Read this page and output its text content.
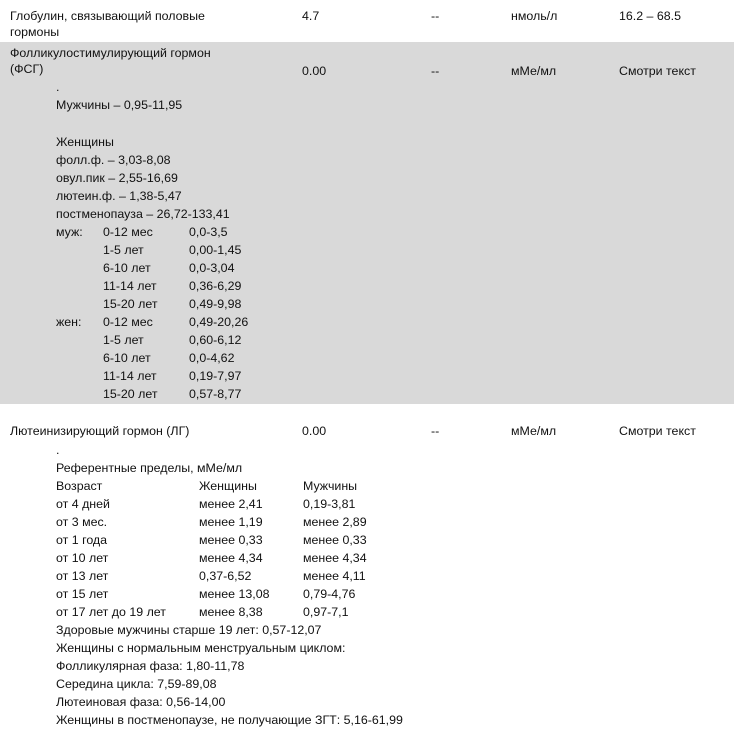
Глобулин, связывающий половые
гормоны
4.7	--	нмоль/л	16.2 – 68.5
Фолликулостимулирующий гормон
(ФСГ)	0.00	--	мМе/мл	Смотри текст
.
Мужчины – 0,95-11,95
Женщины
фолл.ф. – 3,03-8,08
овул.пик – 2,55-16,69
лютеин.ф. – 1,38-5,47
постменопауза – 26,72-133,41
муж: 0-12 мес	0,0-3,5
1-5 лет	0,00-1,45
6-10 лет	0,0-3,04
11-14 лет	0,36-6,29
15-20 лет	0,49-9,98
жен: 0-12 мес	0,49-20,26
1-5 лет	0,60-6,12
6-10 лет	0,0-4,62
11-14 лет	0,19-7,97
15-20 лет	0,57-8,77
Лютеинизирующий гормон (ЛГ)	0.00	--	мМе/мл	Смотри текст
.
Референтные пределы, мМе/мл
Возраст	Женщины	Мужчины
от 4 дней	менее 2,41	0,19-3,81
от 3 мес.	менее 1,19	менее 2,89
от 1 года	менее 0,33	менее 0,33
от 10 лет	менее 4,34	менее 4,34
от 13 лет	0,37-6,52	менее 4,11
от 15 лет	менее 13,08	0,79-4,76
от 17 лет до 19 лет	менее 8,38	0,97-7,1
Здоровые мужчины старше 19 лет: 0,57-12,07
Женщины с нормальным менструальным циклом:
Фолликулярная фаза: 1,80-11,78
Середина цикла: 7,59-89,08
Лютеиновая фаза: 0,56-14,00
Женщины в постменопаузе, не получающие ЗГТ: 5,16-61,99
